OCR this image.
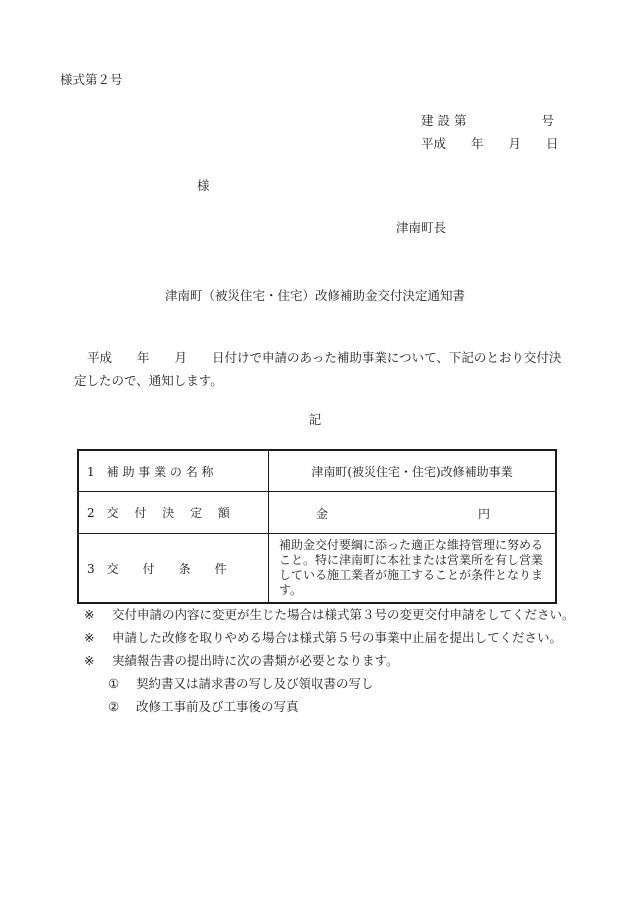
様式第２号
建 設 第　　　　　　号
平成　　年　　月　　日
様
津南町長
津南町（被災住宅・住宅）改修補助金交付決定通知書
平成　　年　　月　　日付けで申請のあった補助事業について、下記のとおり交付決
定したので、通知します。
記
1　補 助 事 業 の 名 称	津南町(被災住宅・住宅)改修補助事業
2　交　 付　 決　 定　 額	金 円

3　交　　付　　条　　件	補助金交付要綱に添った適正な維持管理に努めること。特に津南町に本社または営業所を有し営業している施工業者が施工することが条件となります。
※ 交付申請の内容に変更が生じた場合は様式第３号の変更交付申請をしてください。
※ 申請した改修を取りやめる場合は様式第５号の事業中止届を提出してください。
※ 実績報告書の提出時に次の書類が必要となります。
① 契約書又は請求書の写し及び領収書の写し
② 改修工事前及び工事後の写真
